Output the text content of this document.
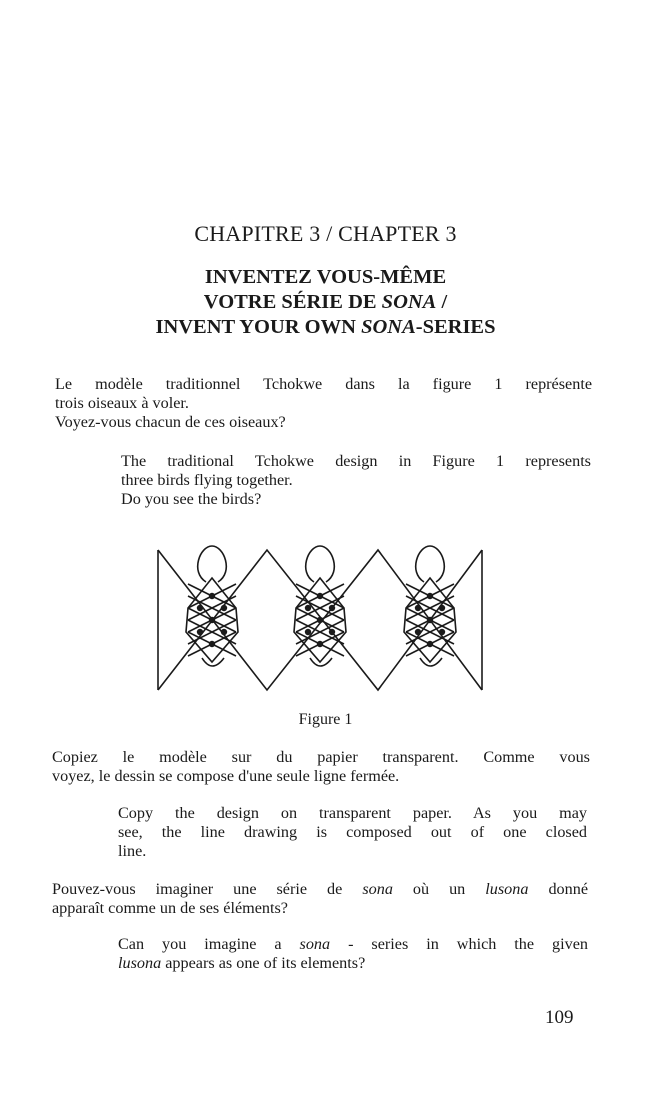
CHAPITRE 3 / CHAPTER 3
INVENTEZ VOUS-MÊME
VOTRE SÉRIE DE SONA /
INVENT YOUR OWN SONA-SERIES
Le modèle traditionnel Tchokwe dans la figure 1 représente
trois oiseaux à voler.
Voyez-vous chacun de ces oiseaux?
The traditional Tchokwe design in Figure 1 represents
three birds flying together.
Do you see the birds?
Figure 1
Copiez le modèle sur du papier transparent. Comme vous
voyez, le dessin se compose d'une seule ligne fermée.
Copy the design on transparent paper. As you may
see, the line drawing is composed out of one closed
line.
Pouvez-vous imaginer une série de sona où un lusona donné
apparaît comme un de ses éléments?
Can you imagine a sona - series in which the given
lusona appears as one of its elements?
109
